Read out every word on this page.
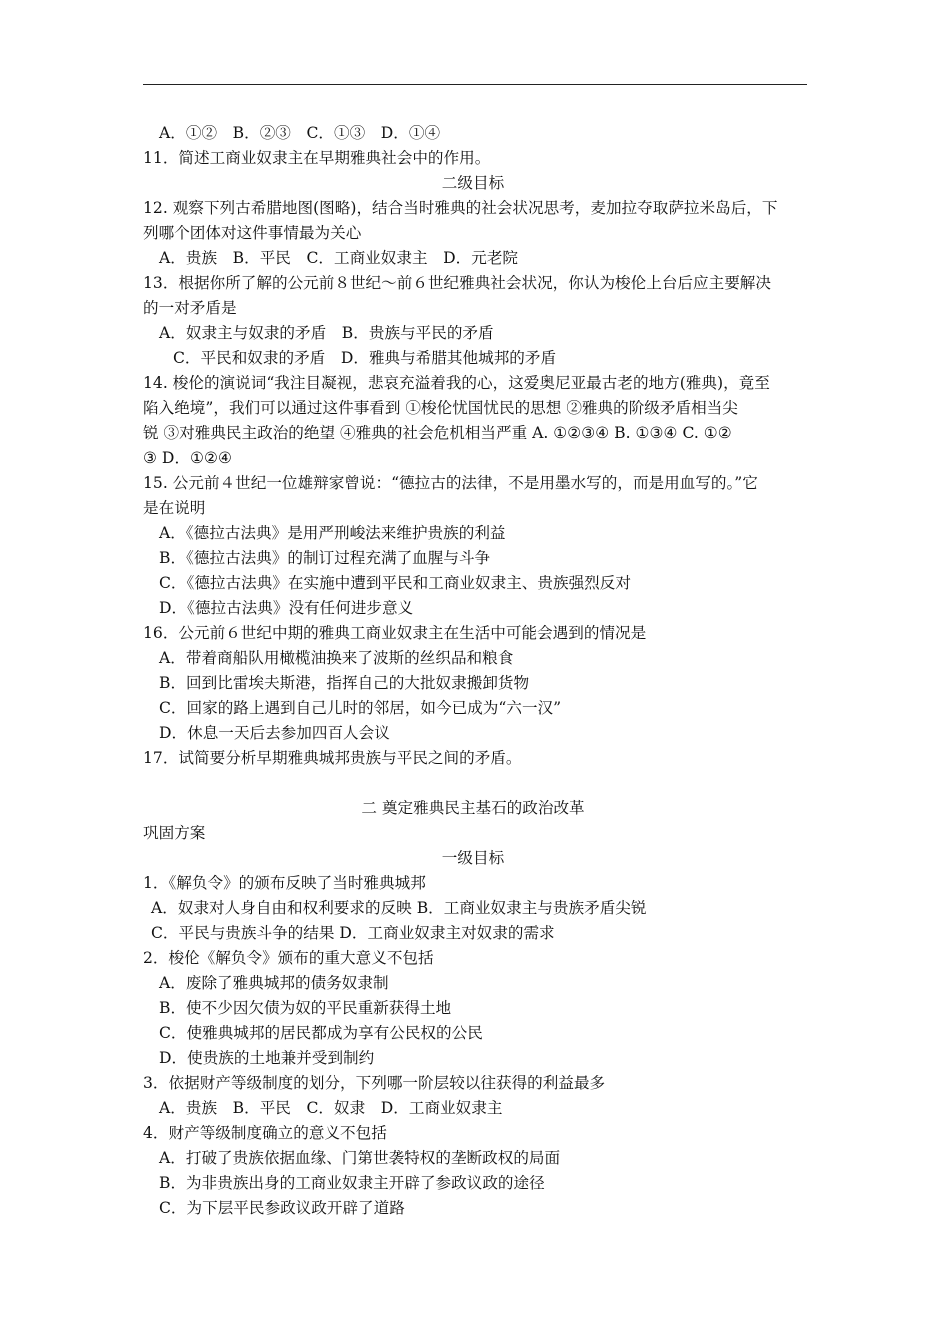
A．①②　B．②③　C．①③　D．①④
11．简述工商业奴隶主在早期雅典社会中的作用。
二级目标
12. 观察下列古希腊地图(图略)，结合当时雅典的社会状况思考，麦加拉夺取萨拉米岛后，下
列哪个团体对这件事情最为关心
A．贵族　B．平民　C．工商业奴隶主　D．元老院
13．根据你所了解的公元前８世纪～前６世纪雅典社会状况，你认为梭伦上台后应主要解决
的一对矛盾是
A．奴隶主与奴隶的矛盾　B．贵族与平民的矛盾
C．平民和奴隶的矛盾　D．雅典与希腊其他城邦的矛盾
14. 梭伦的演说词“我注目凝视，悲哀充溢着我的心，这爱奥尼亚最古老的地方(雅典)，竟至
陷入绝境”，我们可以通过这件事看到 ①梭伦忧国忧民的思想 ②雅典的阶级矛盾相当尖
锐 ③对雅典民主政治的绝望 ④雅典的社会危机相当严重 A. ①②③④ B. ①③④ C. ①②
③ D．①②④
15. 公元前４世纪一位雄辩家曾说：“德拉古的法律，不是用墨水写的，而是用血写的。”它
是在说明
A．《德拉古法典》是用严刑峻法来维护贵族的利益
B．《德拉古法典》的制订过程充满了血腥与斗争
C．《德拉古法典》在实施中遭到平民和工商业奴隶主、贵族强烈反对
D．《德拉古法典》没有任何进步意义
16．公元前６世纪中期的雅典工商业奴隶主在生活中可能会遇到的情况是
A．带着商船队用橄榄油换来了波斯的丝织品和粮食
B．回到比雷埃夫斯港，指挥自己的大批奴隶搬卸货物
C．回家的路上遇到自己儿时的邻居，如今已成为“六一汉”
D．休息一天后去参加四百人会议
17．试简要分析早期雅典城邦贵族与平民之间的矛盾。
二 奠定雅典民主基石的政治改革
巩固方案
一级目标
1．《解负令》的颁布反映了当时雅典城邦
A．奴隶对人身自由和权利要求的反映 B．工商业奴隶主与贵族矛盾尖锐
C．平民与贵族斗争的结果 D．工商业奴隶主对奴隶的需求
2．梭伦《解负令》颁布的重大意义不包括
A．废除了雅典城邦的债务奴隶制
B．使不少因欠债为奴的平民重新获得土地
C．使雅典城邦的居民都成为享有公民权的公民
D．使贵族的土地兼并受到制约
3．依据财产等级制度的划分，下列哪一阶层较以往获得的利益最多
A．贵族　B．平民　C．奴隶　D．工商业奴隶主
4．财产等级制度确立的意义不包括
A．打破了贵族依据血缘、门第世袭特权的垄断政权的局面
B．为非贵族出身的工商业奴隶主开辟了参政议政的途径
C．为下层平民参政议政开辟了道路
